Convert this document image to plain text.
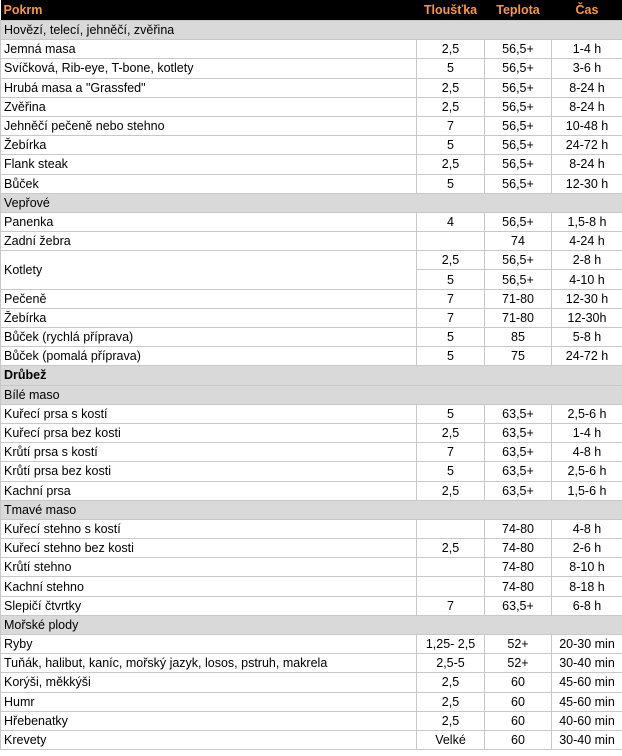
Pokrm	Tloušťka	Teplota	Čas
Hovězí, telecí, jehněčí, zvěřina			
Jemná masa	2,5	56,5+	1-4 h
Svíčková, Rib-eye, T-bone, kotlety	5	56,5+	3-6 h
Hrubá masa a "Grassfed"	2,5	56,5+	8-24 h
Zvěřina	2,5	56,5+	8-24 h
Jehněčí pečeně nebo stehno	7	56,5+	10-48 h
Žebírka	5	56,5+	24-72 h
Flank steak	2,5	56,5+	8-24 h
Bůček	5	56,5+	12-30 h
Vepřové			
Panenka	4	56,5+	1,5-8 h
Zadní žebra		74	4-24 h
Kotlety	2,5	56,5+	2-8 h
	5	56,5+	4-10 h
Pečeně	7	71-80	12-30 h
Žebírka	7	71-80	12-30h
Bůček (rychlá příprava)	5	85	5-8 h
Bůček (pomalá příprava)	5	75	24-72 h
Drůbež			
Bílé maso			
Kuřecí prsa s kostí	5	63,5+	2,5-6 h
Kuřecí prsa bez kosti	2,5	63,5+	1-4 h
Krůtí prsa s kostí	7	63,5+	4-8 h
Krůtí prsa bez kosti	5	63,5+	2,5-6 h
Kachní prsa	2,5	63,5+	1,5-6 h
Tmavé maso			
Kuřecí stehno s kostí		74-80	4-8 h
Kuřecí stehno bez kosti	2,5	74-80	2-6 h
Krůtí stehno		74-80	8-10 h
Kachní stehno		74-80	8-18 h
Slepičí čtvrtky	7	63,5+	6-8 h
Mořské plody			
Ryby	1,25- 2,5	52+	20-30 min
Tuňák, halibut, kaníc, mořský jazyk, losos, pstruh, makrela	2,5-5	52+	30-40 min
Korýši, měkkýši	2,5	60	45-60 min
Humr	2,5	60	45-60 min
Hřebenatky	2,5	60	40-60 min
Krevety	Velké	60	30-40 min
